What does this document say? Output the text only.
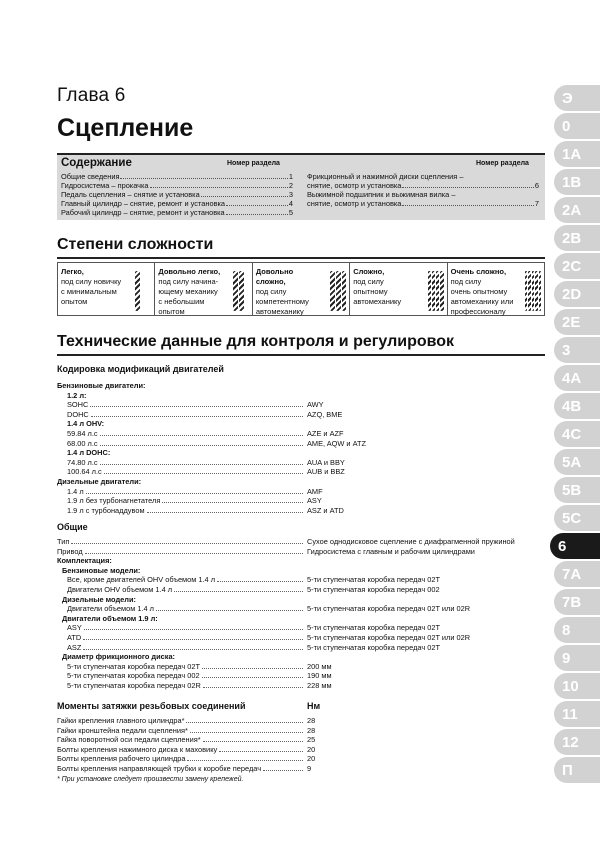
Глава 6
Сцепление
Содержание	Номер раздела	Номер раздела
Общие сведения	1
Гидросистема – прокачка	2
Педаль сцепления – снятие и установка	3
Главный цилиндр – снятие, ремонт и установка	4
Рабочий цилиндр – снятие, ремонт и установка	5
Фрикционный и нажимной диски сцепления –
снятие, осмотр и установка	6
Выжимной подшипник и выжимная вилка –
снятие, осмотр и установка	7
Степени сложности
Легко,
под силу новичку
с минимальным
опытом
Довольно легко,
под силу начина-
ющему механику
с небольшим
опытом
Довольно сложно,
под силу
компетентному
автомеханику
Сложно,
под силу
опытному
автомеханику
Очень сложно,
под силу
очень опытному
автомеханику или
профессионалу
Технические данные для контроля и регулировок
Кодировка модификаций двигателей
Бензиновые двигатели:
1.2 л:
SOHC	AWY
DOHC	AZQ, BME
1.4 л OHV:
59.84 л.с	AZE и AZF
68.00 л.с	AME, AQW и ATZ
1.4 л DOHC:
74.80 л.с	AUA и BBY
100.64 л.с	AUB и BBZ
Дизельные двигатели:
1.4 л	AMF
1.9 л без турбонагнетателя	ASY
1.9 л с турбонаддувом	ASZ и ATD
Общие
Тип	Сухое однодисковое сцепление с диафрагменной пружиной
Привод	Гидросистема с главным и рабочим цилиндрами
Комплектация:
Бензиновые модели:
Все, кроме двигателей OHV объемом 1.4 л	5-ти ступенчатая коробка передач 02T
Двигатели OHV объемом 1.4 л	5-ти ступенчатая коробка передач 002
Дизельные модели:
Двигатели объемом 1.4 л	5-ти ступенчатая коробка передач 02T или 02R
Двигатели объемом 1.9 л:
ASY	5-ти ступенчатая коробка передач 02T
ATD	5-ти ступенчатая коробка передач 02T или 02R
ASZ	5-ти ступенчатая коробка передач 02T
Диаметр фрикционного диска:
5-ти ступенчатая коробка передач 02T	200 мм
5-ти ступенчатая коробка передач 002	190 мм
5-ти ступенчатая коробка передач 02R	228 мм
Моменты затяжки резьбовых соединений	Нм
Гайки крепления главного цилиндра*	28
Гайки кронштейна педали сцепления*	28
Гайка поворотной оси педали сцепления*	25
Болты крепления нажимного диска к маховику	20
Болты крепления рабочего цилиндра	20
Болты крепления направляющей трубки к коробке передач	9
* При установке следует произвести замену крепежей.
Э
0
1A
1B
2A
2B
2C
2D
2E
3
4A
4B
4C
5A
5B
5C
6
7A
7B
8
9
10
11
12
П
